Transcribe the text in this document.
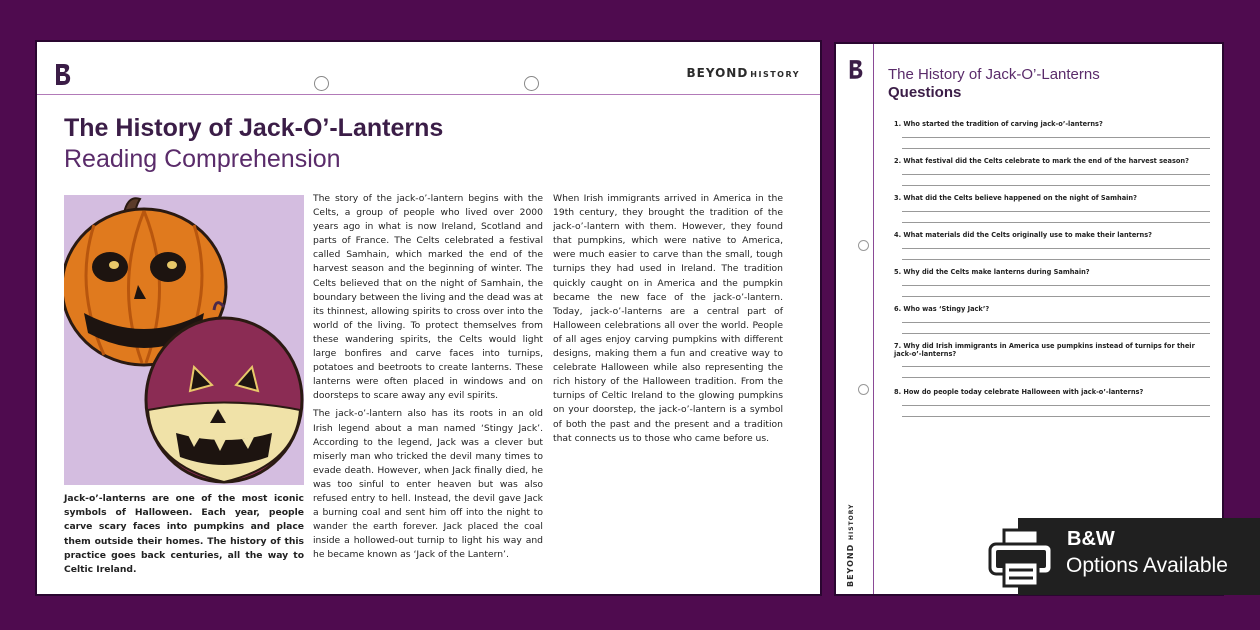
BEYOND HISTORY
The History of Jack-O’-Lanterns
Reading Comprehension
Jack-o’-lanterns are one of the most iconic symbols of Halloween. Each year, people carve scary faces into pumpkins and place them outside their homes. The history of this practice goes back centuries, all the way to Celtic Ireland.

The story of the jack-o’-lantern begins with the Celts, a group of people who lived over 2000 years ago in what is now Ireland, Scotland and parts of France. The Celts celebrated a festival called Samhain, which marked the end of the harvest season and the beginning of winter. The Celts believed that on the night of Samhain, the boundary between the living and the dead was at its thinnest, allowing spirits to cross over into the world of the living. To protect themselves from these wandering spirits, the Celts would light large bonfires and carve faces into turnips, potatoes and beetroots to create lanterns. These lanterns were often placed in windows and on doorsteps to scare away any evil spirits.

The jack-o’-lantern also has its roots in an old Irish legend about a man named ‘Stingy Jack’. According to the legend, Jack was a clever but miserly man who tricked the devil many times to evade death. However, when Jack finally died, he was too sinful to enter heaven but was also refused entry to hell. Instead, the devil gave Jack a burning coal and sent him off into the night to wander the earth forever. Jack placed the coal inside a hollowed-out turnip to light his way and he became known as ‘Jack of the Lantern’.

When Irish immigrants arrived in America in the 19th century, they brought the tradition of the jack-o’-lantern with them. However, they found that pumpkins, which were native to America, were much easier to carve than the small, tough turnips they had used in Ireland. The tradition quickly caught on in America and the pumpkin became the new face of the jack-o’-lantern. Today, jack-o’-lanterns are a central part of Halloween celebrations all over the world. People of all ages enjoy carving pumpkins with different designs, making them a fun and creative way to celebrate Halloween while also representing the rich history of the Halloween tradition. From the turnips of Celtic Ireland to the glowing pumpkins on your doorstep, the jack-o’-lantern is a symbol of both the past and the present and a tradition that connects us to those who came before us.

The History of Jack-O’-Lanterns
Questions
1. Who started the tradition of carving jack-o’-lanterns?
2. What festival did the Celts celebrate to mark the end of the harvest season?
3. What did the Celts believe happened on the night of Samhain?
4. What materials did the Celts originally use to make their lanterns?
5. Why did the Celts make lanterns during Samhain?
6. Who was ‘Stingy Jack’?
7. Why did Irish immigrants in America use pumpkins instead of turnips for their jack-o’-lanterns?
8. How do people today celebrate Halloween with jack-o’-lanterns?
BEYOND HISTORY	B&W
Options Available
